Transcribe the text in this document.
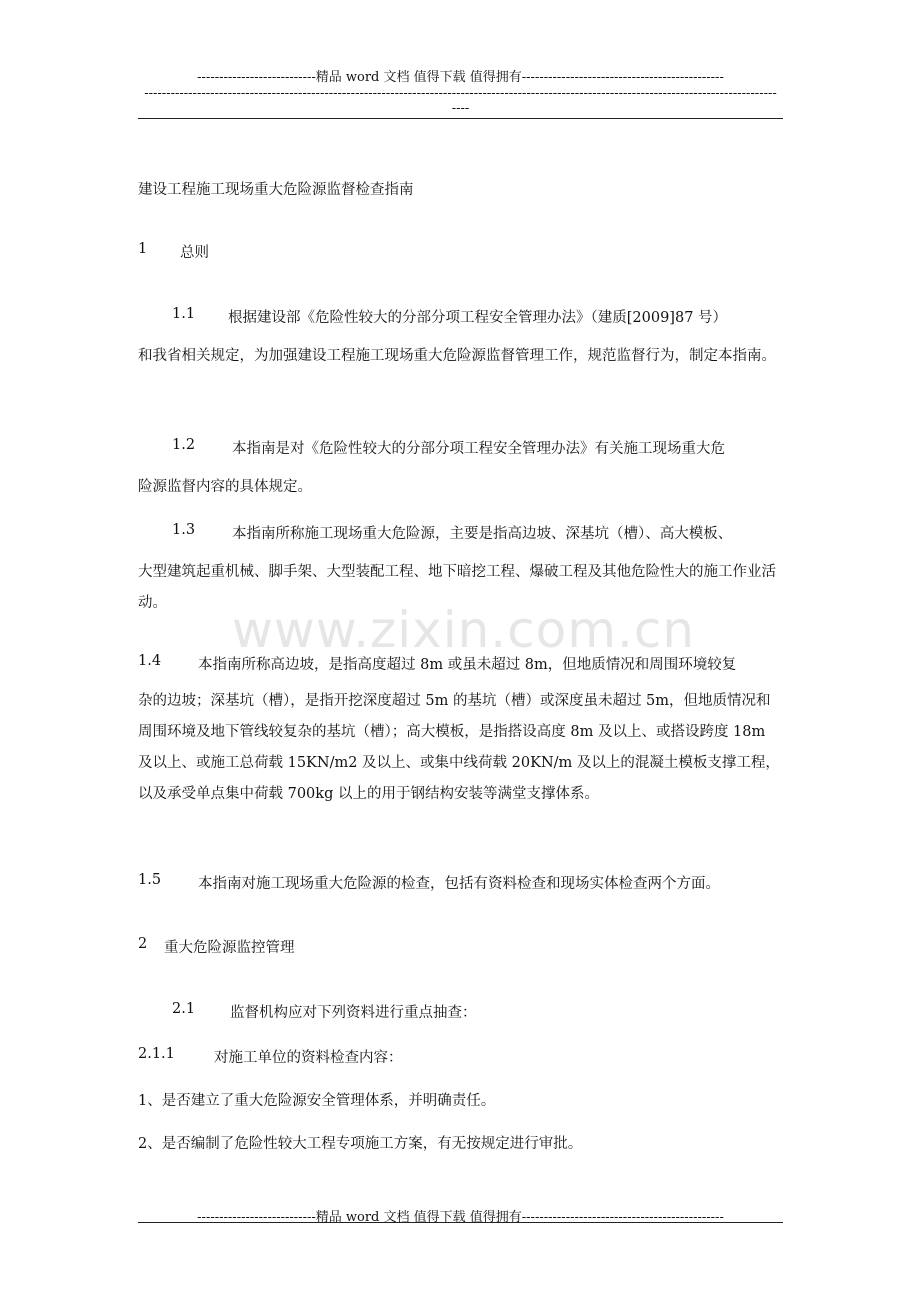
---------------------------精品 word 文档 值得下载 值得拥有----------------------------------------------
------------------------------------------------------------------------------------------------------------------------------------------------
----
www.zixin.com.cn
建设工程施工现场重大危险源监督检查指南
1 总则
1.1 根据建设部《危险性较大的分部分项工程安全管理办法》（建质[2009]87 号）
和我省相关规定，为加强建设工程施工现场重大危险源监督管理工作，规范监督行为，制定本指南。
1.2	本指南是对《危险性较大的分部分项工程安全管理办法》有关施工现场重大危
险源监督内容的具体规定。
1.3	本指南所称施工现场重大危险源，主要是指高边坡、深基坑（槽）、高大模板、
大型建筑起重机械、脚手架、大型装配工程、地下暗挖工程、爆破工程及其他危险性大的施工作业活动。
1.4	本指南所称高边坡，是指高度超过 8m 或虽未超过 8m，但地质情况和周围环境较复
杂的边坡；深基坑（槽），是指开挖深度超过 5m 的基坑（槽）或深度虽未超过 5m，但地质情况和周围环境及地下管线较复杂的基坑（槽）；高大模板，是指搭设高度 8m 及以上、或搭设跨度 18m 及以上、或施工总荷载 15KN/m2 及以上、或集中线荷载 20KN/m 及以上的混凝土模板支撑工程，以及承受单点集中荷载 700kg 以上的用于钢结构安装等满堂支撑体系。
1.5	本指南对施工现场重大危险源的检查，包括有资料检查和现场实体检查两个方面。
2 重大危险源监控管理
2.1 监督机构应对下列资料进行重点抽查：
2.1.1	对施工单位的资料检查内容：
1、是否建立了重大危险源安全管理体系，并明确责任。
2、是否编制了危险性较大工程专项施工方案，有无按规定进行审批。
---------------------------精品 word 文档 值得下载 值得拥有----------------------------------------------
